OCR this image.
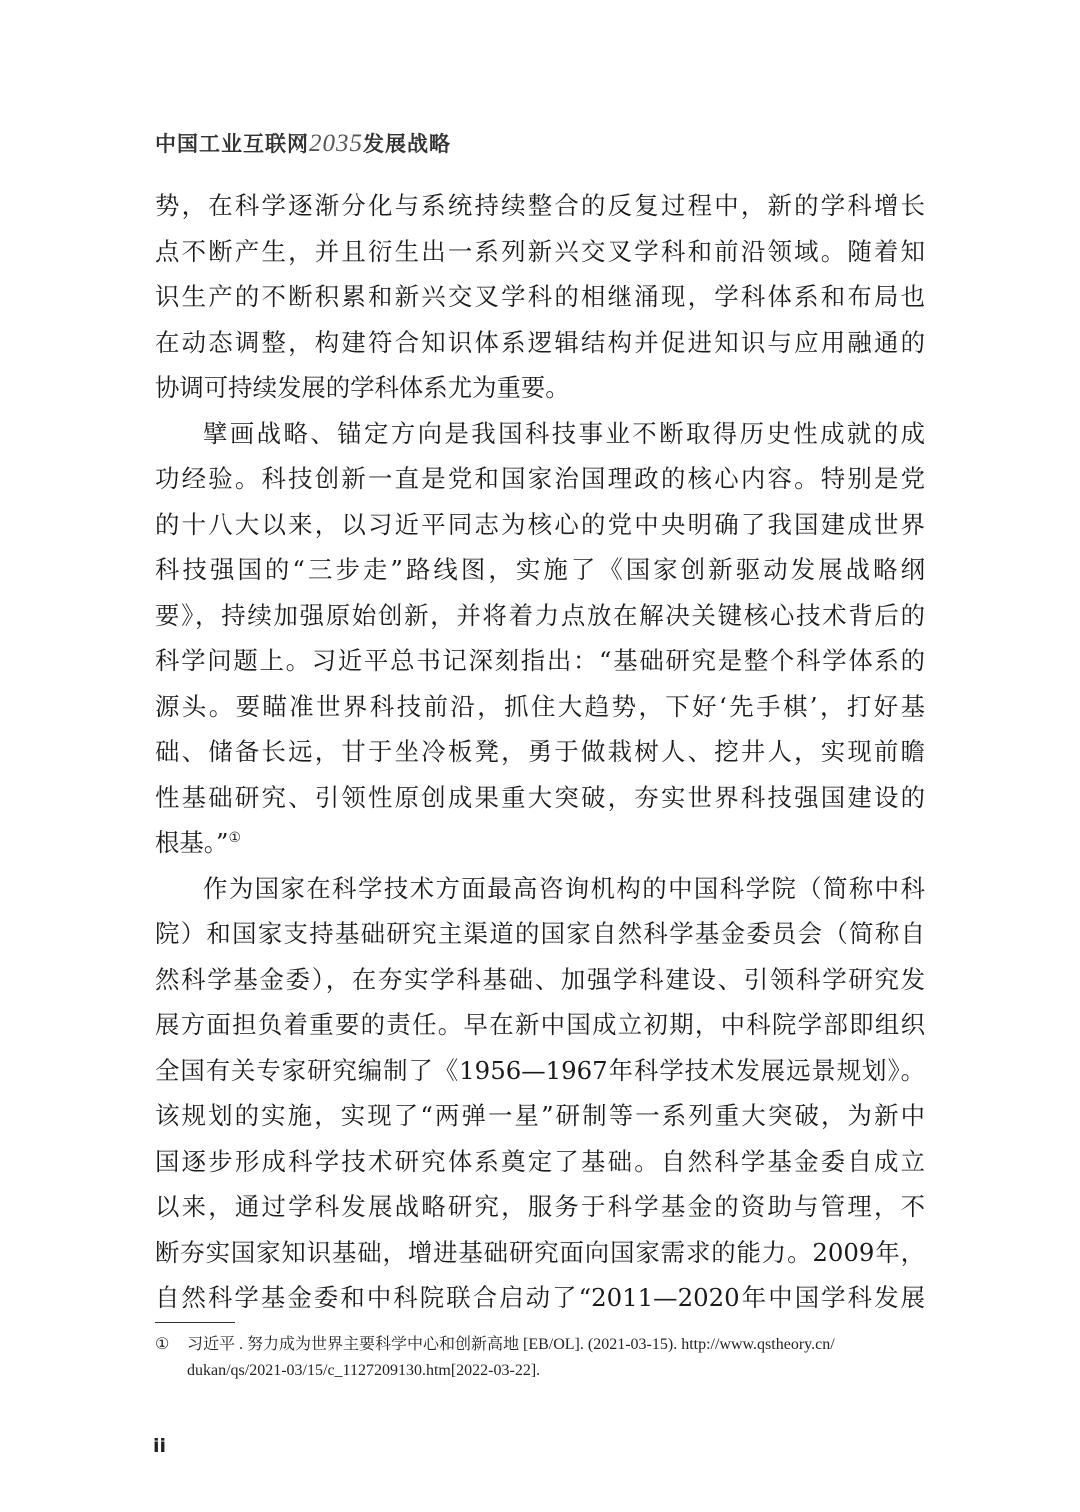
中国工业互联网2035发展战略
势，在科学逐渐分化与系统持续整合的反复过程中，新的学科增长
点不断产生，并且衍生出一系列新兴交叉学科和前沿领域。随着知
识生产的不断积累和新兴交叉学科的相继涌现，学科体系和布局也
在动态调整，构建符合知识体系逻辑结构并促进知识与应用融通的
协调可持续发展的学科体系尤为重要。
擘画战略、锚定方向是我国科技事业不断取得历史性成就的成
功经验。科技创新一直是党和国家治国理政的核心内容。特别是党
的十八大以来，以习近平同志为核心的党中央明确了我国建成世界
科技强国的“三步走”路线图，实施了《国家创新驱动发展战略纲
要》，持续加强原始创新，并将着力点放在解决关键核心技术背后的
科学问题上。习近平总书记深刻指出：“基础研究是整个科学体系的
源头。要瞄准世界科技前沿，抓住大趋势，下好‘先手棋’，打好基
础、储备长远，甘于坐冷板凳，勇于做栽树人、挖井人，实现前瞻
性基础研究、引领性原创成果重大突破，夯实世界科技强国建设的
根基。”①
作为国家在科学技术方面最高咨询机构的中国科学院（简称中科
院）和国家支持基础研究主渠道的国家自然科学基金委员会（简称自
然科学基金委），在夯实学科基础、加强学科建设、引领科学研究发
展方面担负着重要的责任。早在新中国成立初期，中科院学部即组织
全国有关专家研究编制了《1956—1967年科学技术发展远景规划》。
该规划的实施，实现了“两弹一星”研制等一系列重大突破，为新中
国逐步形成科学技术研究体系奠定了基础。自然科学基金委自成立
以来，通过学科发展战略研究，服务于科学基金的资助与管理，不
断夯实国家知识基础，增进基础研究面向国家需求的能力。2009年，
自然科学基金委和中科院联合启动了“2011—2020年中国学科发展
① 习近平 . 努力成为世界主要科学中心和创新高地 [EB/OL]. (2021-03-15). http://www.qstheory.cn/
dukan/qs/2021-03/15/c_1127209130.htm[2022-03-22].
ii
